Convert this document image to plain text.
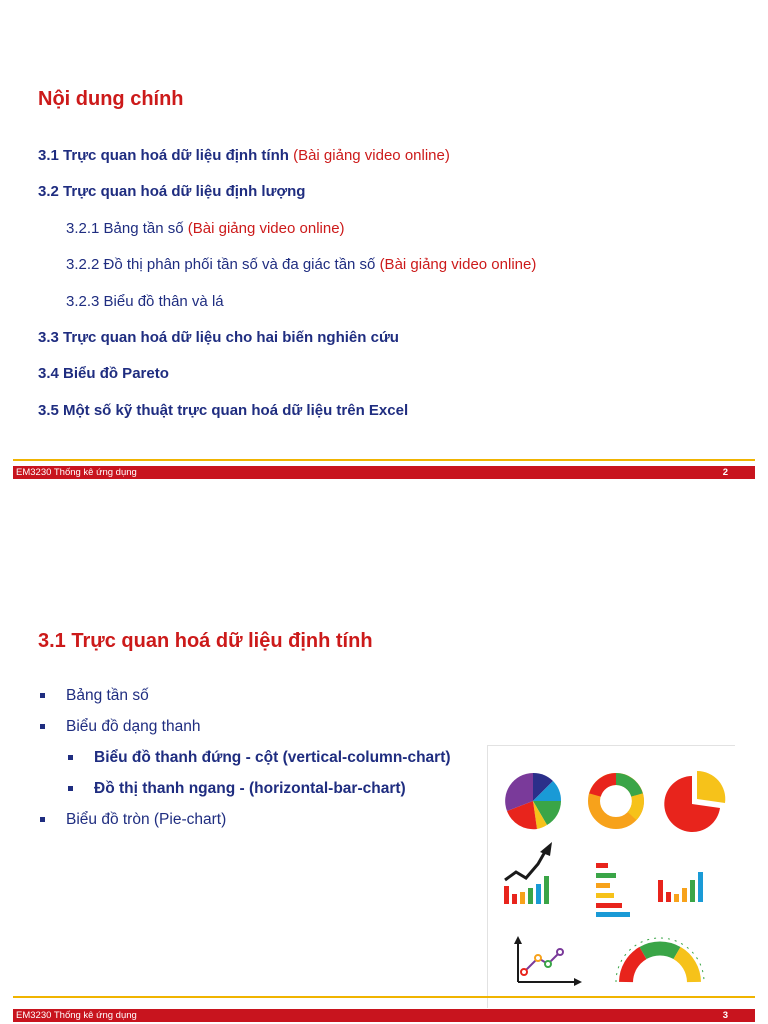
Nội dung chính
3.1 Trực quan hoá dữ liệu định tính (Bài giảng video online)
3.2 Trực quan hoá dữ liệu định lượng
3.2.1 Bảng tần số (Bài giảng video online)
3.2.2 Đồ thị phân phối tần số và đa giác tần số (Bài giảng video online)
3.2.3 Biểu đồ thân và lá
3.3 Trực quan hoá dữ liệu cho hai biến nghiên cứu
3.4 Biểu đồ Pareto
3.5 Một số kỹ thuật trực quan hoá dữ liệu trên Excel
EM3230 Thống kê ứng dụng	2
3.1 Trực quan hoá dữ liệu định tính
Bảng tần số
Biểu đồ dạng thanh
Biểu đồ thanh đứng - cột (vertical-column-chart)
Đồ thị thanh ngang - (horizontal-bar-chart)
Biểu đồ tròn (Pie-chart)
EM3230 Thống kê ứng dụng	3
